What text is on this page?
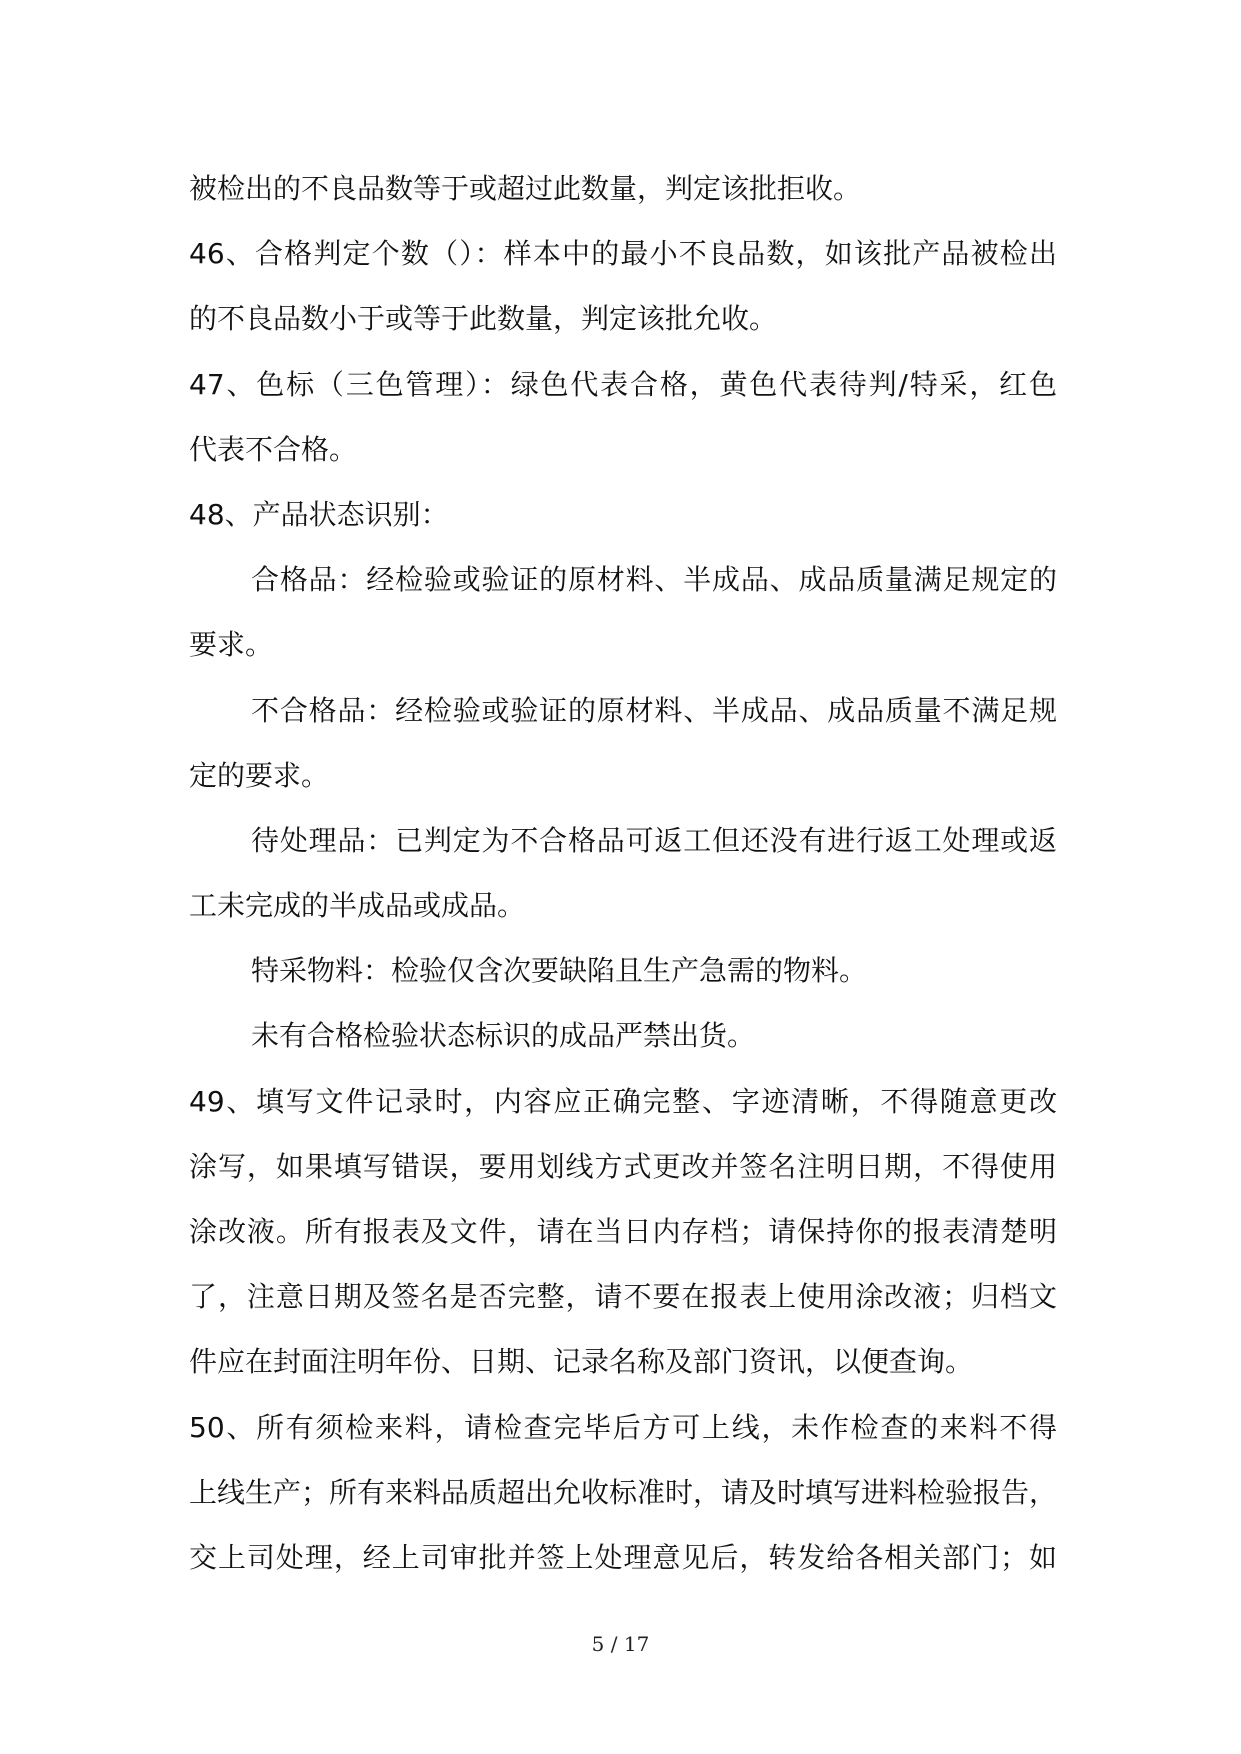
被检出的不良品数等于或超过此数量，判定该批拒收。
46、合格判定个数（）：样本中的最小不良品数，如该批产品被检出
的不良品数小于或等于此数量，判定该批允收。
47、色标（三色管理）：绿色代表合格，黄色代表待判/特采，红色
代表不合格。
48、产品状态识别：
合格品：经检验或验证的原材料、半成品、成品质量满足规定的
要求。
不合格品：经检验或验证的原材料、半成品、成品质量不满足规
定的要求。
待处理品：已判定为不合格品可返工但还没有进行返工处理或返
工未完成的半成品或成品。
特采物料：检验仅含次要缺陷且生产急需的物料。
未有合格检验状态标识的成品严禁出货。
49、填写文件记录时，内容应正确完整、字迹清晰，不得随意更改
涂写，如果填写错误，要用划线方式更改并签名注明日期，不得使用
涂改液。所有报表及文件，请在当日内存档；请保持你的报表清楚明
了，注意日期及签名是否完整，请不要在报表上使用涂改液；归档文
件应在封面注明年份、日期、记录名称及部门资讯，以便查询。
50、所有须检来料，请检查完毕后方可上线，未作检查的来料不得
上线生产；所有来料品质超出允收标准时，请及时填写进料检验报告，
交上司处理，经上司审批并签上处理意见后，转发给各相关部门；如
5 / 17
